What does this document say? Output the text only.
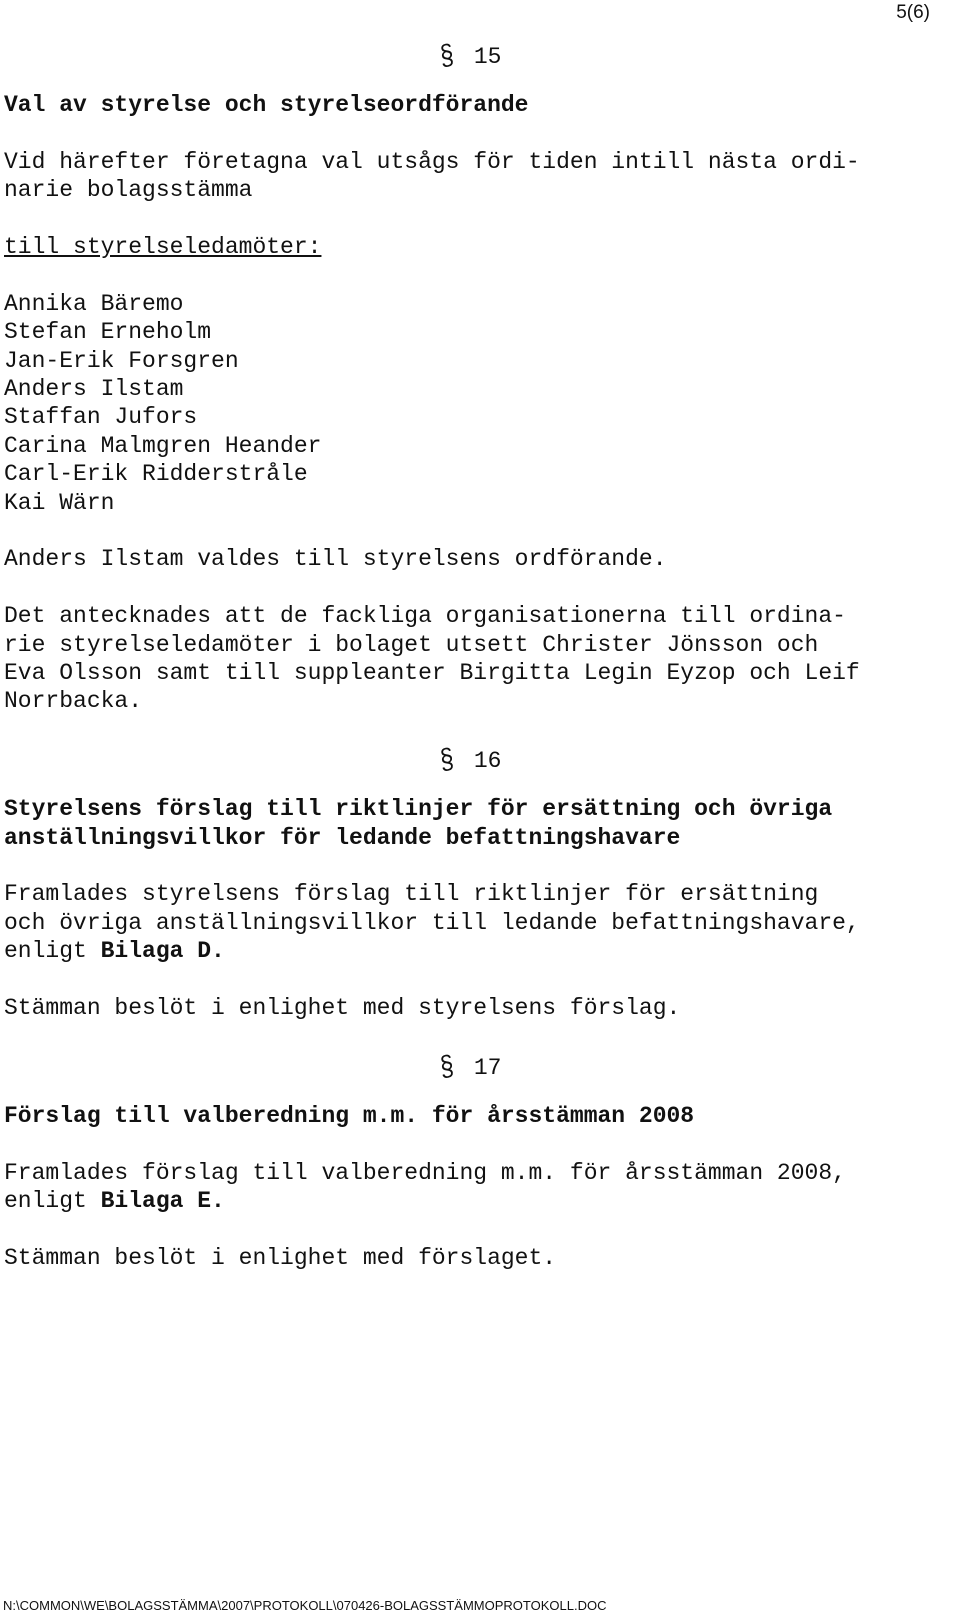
5(6)
§ 15
Val av styrelse och styrelseordförande
Vid härefter företagna val utsågs för tiden intill nästa ordi-
narie bolagsstämma
till styrelseledamöter:
Annika Bäremo
Stefan Erneholm
Jan-Erik Forsgren
Anders Ilstam
Staffan Jufors
Carina Malmgren Heander
Carl-Erik Ridderstråle
Kai Wärn
Anders Ilstam valdes till styrelsens ordförande.
Det antecknades att de fackliga organisationerna till ordina-
rie styrelseledamöter i bolaget utsett Christer Jönsson och
Eva Olsson samt till suppleanter Birgitta Legin Eyzop och Leif
Norrbacka.
§ 16
Styrelsens förslag till riktlinjer för ersättning och övriga
anställningsvillkor för ledande befattningshavare
Framlades styrelsens förslag till riktlinjer för ersättning
och övriga anställningsvillkor till ledande befattningshavare,
enligt Bilaga D.
Stämman beslöt i enlighet med styrelsens förslag.
§ 17
Förslag till valberedning m.m. för årsstämman 2008
Framlades förslag till valberedning m.m. för årsstämman 2008,
enligt Bilaga E.
Stämman beslöt i enlighet med förslaget.
N:\COMMON\WE\BOLAGSSTÄMMA\2007\PROTOKOLL\070426-BOLAGSSTÄMMOPROTOKOLL.DOC
